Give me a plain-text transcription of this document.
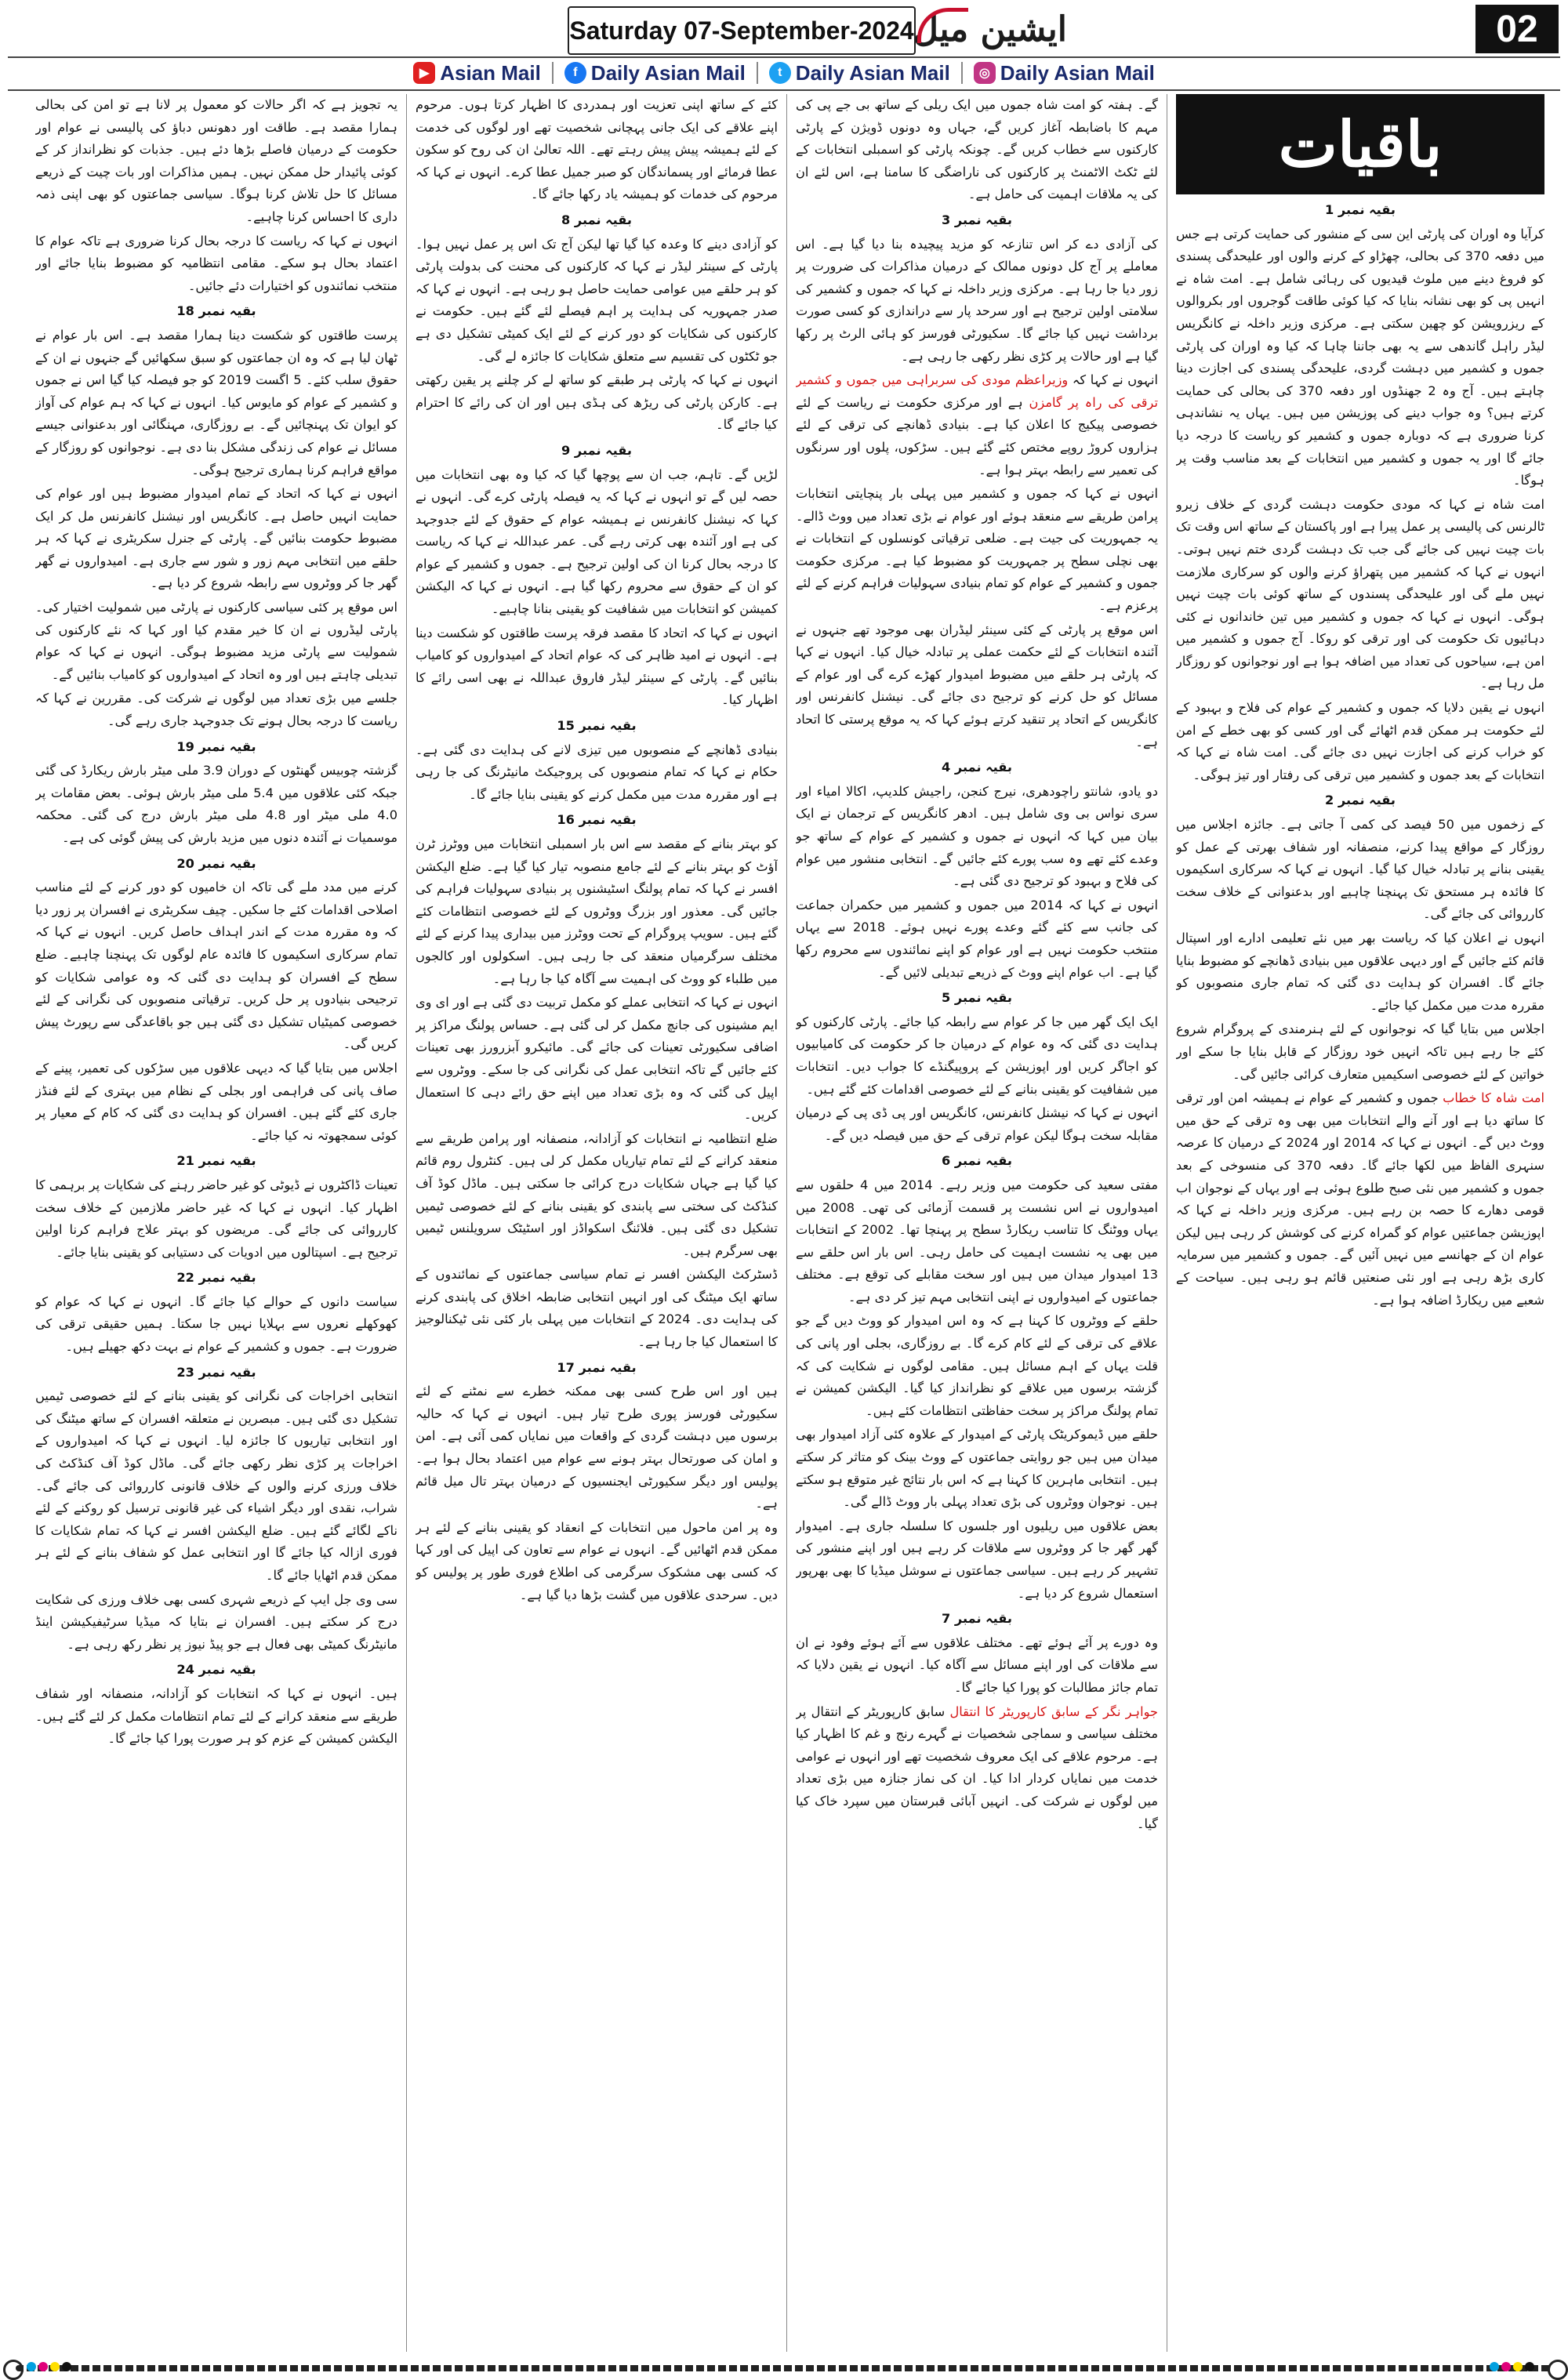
Saturday 07-September-2024 ایشین میل	02
▶ Asian Mail	f Daily Asian Mail	t Daily Asian Mail	◎ Daily Asian Mail
باقیات
بقیہ نمبر 1

کرآیا وہ اوران کی پارٹی این سی کے منشور کی حمایت کرتی ہے جس میں دفعہ 370 کی بحالی، چھڑاو کے کرنے والوں اور علیحدگی پسندی کو فروغ دینے میں ملوث قیدیوں کی رہائی شامل ہے۔ امت شاہ نے انہیں پی کو بھی نشانہ بنایا کہ کیا کوئی طاقت گوجروں اور بکروالوں کے ریزرویشن کو چھین سکتی ہے۔ مرکزی وزیر داخلہ نے کانگریس لیڈر راہل گاندھی سے یہ بھی جاننا چاہا کہ کیا وہ اوران کی پارٹی جموں و کشمیر میں دہشت گردی، علیحدگی پسندی کی اجازت دینا چاہتے ہیں۔ آج وہ 2 جھنڈوں اور دفعہ 370 کی بحالی کی حمایت کرتے ہیں؟ وہ جواب دینے کی پوزیشن میں ہیں۔ یہاں یہ نشاندہی کرنا ضروری ہے کہ دوبارہ جموں و کشمیر کو ریاست کا درجہ دیا جائے گا اور یہ جموں و کشمیر میں انتخابات کے بعد مناسب وقت پر ہوگا۔

امت شاہ نے کہا کہ مودی حکومت دہشت گردی کے خلاف زیرو ٹالرنس کی پالیسی پر عمل پیرا ہے اور پاکستان کے ساتھ اس وقت تک بات چیت نہیں کی جائے گی جب تک دہشت گردی ختم نہیں ہوتی۔ انہوں نے کہا کہ کشمیر میں پتھراؤ کرنے والوں کو سرکاری ملازمت نہیں ملے گی اور علیحدگی پسندوں کے ساتھ کوئی بات چیت نہیں ہوگی۔ انہوں نے کہا کہ جموں و کشمیر میں تین خاندانوں نے کئی دہائیوں تک حکومت کی اور ترقی کو روکا۔ آج جموں و کشمیر میں امن ہے، سیاحوں کی تعداد میں اضافہ ہوا ہے اور نوجوانوں کو روزگار مل رہا ہے۔

انہوں نے یقین دلایا کہ جموں و کشمیر کے عوام کی فلاح و بہبود کے لئے حکومت ہر ممکن قدم اٹھائے گی اور کسی کو بھی خطے کے امن کو خراب کرنے کی اجازت نہیں دی جائے گی۔ امت شاہ نے کہا کہ انتخابات کے بعد جموں و کشمیر میں ترقی کی رفتار اور تیز ہوگی۔

بقیہ نمبر 2

کے زخموں میں 50 فیصد کی کمی آ جاتی ہے۔ جائزہ اجلاس میں روزگار کے مواقع پیدا کرنے، منصفانہ اور شفاف بھرتی کے عمل کو یقینی بنانے پر تبادلہ خیال کیا گیا۔ انہوں نے کہا کہ سرکاری اسکیموں کا فائدہ ہر مستحق تک پہنچنا چاہیے اور بدعنوانی کے خلاف سخت کارروائی کی جائے گی۔

انہوں نے اعلان کیا کہ ریاست بھر میں نئے تعلیمی ادارے اور اسپتال قائم کئے جائیں گے اور دیہی علاقوں میں بنیادی ڈھانچے کو مضبوط بنایا جائے گا۔ افسران کو ہدایت دی گئی کہ تمام جاری منصوبوں کو مقررہ مدت میں مکمل کیا جائے۔

اجلاس میں بتایا گیا کہ نوجوانوں کے لئے ہنرمندی کے پروگرام شروع کئے جا رہے ہیں تاکہ انہیں خود روزگار کے قابل بنایا جا سکے اور خواتین کے لئے خصوصی اسکیمیں متعارف کرائی جائیں گی۔

امت شاہ کا خطاب جموں و کشمیر کے عوام نے ہمیشہ امن اور ترقی کا ساتھ دیا ہے اور آنے والے انتخابات میں بھی وہ ترقی کے حق میں ووٹ دیں گے۔ انہوں نے کہا کہ 2014 اور 2024 کے درمیان کا عرصہ سنہری الفاظ میں لکھا جائے گا۔ دفعہ 370 کی منسوخی کے بعد جموں و کشمیر میں نئی صبح طلوع ہوئی ہے اور یہاں کے نوجوان اب قومی دھارے کا حصہ بن رہے ہیں۔ مرکزی وزیر داخلہ نے کہا کہ اپوزیشن جماعتیں عوام کو گمراہ کرنے کی کوشش کر رہی ہیں لیکن عوام ان کے جھانسے میں نہیں آئیں گے۔ جموں و کشمیر میں سرمایہ کاری بڑھ رہی ہے اور نئی صنعتیں قائم ہو رہی ہیں۔ سیاحت کے شعبے میں ریکارڈ اضافہ ہوا ہے۔

گے۔ ہفتہ کو امت شاہ جموں میں ایک ریلی کے ساتھ بی جے پی کی مہم کا باضابطہ آغاز کریں گے، جہاں وہ دونوں ڈویژن کے پارٹی کارکنوں سے خطاب کریں گے۔ چونکہ پارٹی کو اسمبلی انتخابات کے لئے ٹکٹ الاٹمنٹ پر کارکنوں کی ناراضگی کا سامنا ہے، اس لئے ان کی یہ ملاقات اہمیت کی حامل ہے۔

بقیہ نمبر 3

کی آزادی دے کر اس تنازعہ کو مزید پیچیدہ بنا دیا گیا ہے۔ اس معاملے پر آج کل دونوں ممالک کے درمیان مذاکرات کی ضرورت پر زور دیا جا رہا ہے۔ مرکزی وزیر داخلہ نے کہا کہ جموں و کشمیر کی سلامتی اولین ترجیح ہے اور سرحد پار سے دراندازی کو کسی صورت برداشت نہیں کیا جائے گا۔ سکیورٹی فورسز کو ہائی الرٹ پر رکھا گیا ہے اور حالات پر کڑی نظر رکھی جا رہی ہے۔

انہوں نے کہا کہ وزیراعظم مودی کی سربراہی میں جموں و کشمیر ترقی کی راہ پر گامزن ہے اور مرکزی حکومت نے ریاست کے لئے خصوصی پیکیج کا اعلان کیا ہے۔ بنیادی ڈھانچے کی ترقی کے لئے ہزاروں کروڑ روپے مختص کئے گئے ہیں۔ سڑکوں، پلوں اور سرنگوں کی تعمیر سے رابطہ بہتر ہوا ہے۔

انہوں نے کہا کہ جموں و کشمیر میں پہلی بار پنچایتی انتخابات پرامن طریقے سے منعقد ہوئے اور عوام نے بڑی تعداد میں ووٹ ڈالے۔ یہ جمہوریت کی جیت ہے۔ ضلعی ترقیاتی کونسلوں کے انتخابات نے بھی نچلی سطح پر جمہوریت کو مضبوط کیا ہے۔ مرکزی حکومت جموں و کشمیر کے عوام کو تمام بنیادی سہولیات فراہم کرنے کے لئے پرعزم ہے۔

اس موقع پر پارٹی کے کئی سینئر لیڈران بھی موجود تھے جنہوں نے آئندہ انتخابات کے لئے حکمت عملی پر تبادلہ خیال کیا۔ انہوں نے کہا کہ پارٹی ہر حلقے میں مضبوط امیدوار کھڑے کرے گی اور عوام کے مسائل کو حل کرنے کو ترجیح دی جائے گی۔ نیشنل کانفرنس اور کانگریس کے اتحاد پر تنقید کرتے ہوئے کہا کہ یہ موقع پرستی کا اتحاد ہے۔

بقیہ نمبر 4

دو یادو، شانتو راچودھری، نیرج کنجن، راجیش کلدیپ، اکالا امیاء اور سری نواس بی وی شامل ہیں۔ ادھر کانگریس کے ترجمان نے ایک بیان میں کہا کہ انہوں نے جموں و کشمیر کے عوام کے ساتھ جو وعدے کئے تھے وہ سب پورے کئے جائیں گے۔ انتخابی منشور میں عوام کی فلاح و بہبود کو ترجیح دی گئی ہے۔

انہوں نے کہا کہ 2014 میں جموں و کشمیر میں حکمران جماعت کی جانب سے کئے گئے وعدے پورے نہیں ہوئے۔ 2018 سے یہاں منتخب حکومت نہیں ہے اور عوام کو اپنے نمائندوں سے محروم رکھا گیا ہے۔ اب عوام اپنے ووٹ کے ذریعے تبدیلی لائیں گے۔

بقیہ نمبر 5

ایک ایک گھر میں جا کر عوام سے رابطہ کیا جائے۔ پارٹی کارکنوں کو ہدایت دی گئی کہ وہ عوام کے درمیان جا کر حکومت کی کامیابیوں کو اجاگر کریں اور اپوزیشن کے پروپیگنڈے کا جواب دیں۔ انتخابات میں شفافیت کو یقینی بنانے کے لئے خصوصی اقدامات کئے گئے ہیں۔

انہوں نے کہا کہ نیشنل کانفرنس، کانگریس اور پی ڈی پی کے درمیان مقابلہ سخت ہوگا لیکن عوام ترقی کے حق میں فیصلہ دیں گے۔

بقیہ نمبر 6

مفتی سعید کی حکومت میں وزیر رہے۔ 2014 میں 4 حلقوں سے امیدواروں نے اس نشست پر قسمت آزمائی کی تھی۔ 2008 میں یہاں ووٹنگ کا تناسب ریکارڈ سطح پر پہنچا تھا۔ 2002 کے انتخابات میں بھی یہ نشست اہمیت کی حامل رہی۔ اس بار اس حلقے سے 13 امیدوار میدان میں ہیں اور سخت مقابلے کی توقع ہے۔ مختلف جماعتوں کے امیدواروں نے اپنی انتخابی مہم تیز کر دی ہے۔

حلقے کے ووٹروں کا کہنا ہے کہ وہ اس امیدوار کو ووٹ دیں گے جو علاقے کی ترقی کے لئے کام کرے گا۔ بے روزگاری، بجلی اور پانی کی قلت یہاں کے اہم مسائل ہیں۔ مقامی لوگوں نے شکایت کی کہ گزشتہ برسوں میں علاقے کو نظرانداز کیا گیا۔ الیکشن کمیشن نے تمام پولنگ مراکز پر سخت حفاظتی انتظامات کئے ہیں۔

حلقے میں ڈیموکریٹک پارٹی کے امیدوار کے علاوہ کئی آزاد امیدوار بھی میدان میں ہیں جو روایتی جماعتوں کے ووٹ بینک کو متاثر کر سکتے ہیں۔ انتخابی ماہرین کا کہنا ہے کہ اس بار نتائج غیر متوقع ہو سکتے ہیں۔ نوجوان ووٹروں کی بڑی تعداد پہلی بار ووٹ ڈالے گی۔

بعض علاقوں میں ریلیوں اور جلسوں کا سلسلہ جاری ہے۔ امیدوار گھر گھر جا کر ووٹروں سے ملاقات کر رہے ہیں اور اپنے منشور کی تشہیر کر رہے ہیں۔ سیاسی جماعتوں نے سوشل میڈیا کا بھی بھرپور استعمال شروع کر دیا ہے۔

بقیہ نمبر 7

وہ دورے پر آئے ہوئے تھے۔ مختلف علاقوں سے آئے ہوئے وفود نے ان سے ملاقات کی اور اپنے مسائل سے آگاہ کیا۔ انہوں نے یقین دلایا کہ تمام جائز مطالبات کو پورا کیا جائے گا۔

جواہر نگر کے سابق کارپوریٹر کا انتقال سابق کارپوریٹر کے انتقال پر مختلف سیاسی و سماجی شخصیات نے گہرے رنج و غم کا اظہار کیا ہے۔ مرحوم علاقے کی ایک معروف شخصیت تھے اور انہوں نے عوامی خدمت میں نمایاں کردار ادا کیا۔ ان کی نماز جنازہ میں بڑی تعداد میں لوگوں نے شرکت کی۔ انہیں آبائی قبرستان میں سپرد خاک کیا گیا۔

کئے کے ساتھ اپنی تعزیت اور ہمدردی کا اظہار کرتا ہوں۔ مرحوم اپنے علاقے کی ایک جانی پہچانی شخصیت تھے اور لوگوں کی خدمت کے لئے ہمیشہ پیش پیش رہتے تھے۔ اللہ تعالیٰ ان کی روح کو سکون عطا فرمائے اور پسماندگان کو صبر جمیل عطا کرے۔ انہوں نے کہا کہ مرحوم کی خدمات کو ہمیشہ یاد رکھا جائے گا۔

بقیہ نمبر 8

کو آزادی دینے کا وعدہ کیا گیا تھا لیکن آج تک اس پر عمل نہیں ہوا۔ پارٹی کے سینئر لیڈر نے کہا کہ کارکنوں کی محنت کی بدولت پارٹی کو ہر حلقے میں عوامی حمایت حاصل ہو رہی ہے۔ انہوں نے کہا کہ صدر جمہوریہ کی ہدایت پر اہم فیصلے لئے گئے ہیں۔ حکومت نے کارکنوں کی شکایات کو دور کرنے کے لئے ایک کمیٹی تشکیل دی ہے جو ٹکٹوں کی تقسیم سے متعلق شکایات کا جائزہ لے گی۔

انہوں نے کہا کہ پارٹی ہر طبقے کو ساتھ لے کر چلنے پر یقین رکھتی ہے۔ کارکن پارٹی کی ریڑھ کی ہڈی ہیں اور ان کی رائے کا احترام کیا جائے گا۔

بقیہ نمبر 9

لڑیں گے۔ تاہم، جب ان سے پوچھا گیا کہ کیا وہ بھی انتخابات میں حصہ لیں گے تو انہوں نے کہا کہ یہ فیصلہ پارٹی کرے گی۔ انہوں نے کہا کہ نیشنل کانفرنس نے ہمیشہ عوام کے حقوق کے لئے جدوجہد کی ہے اور آئندہ بھی کرتی رہے گی۔ عمر عبداللہ نے کہا کہ ریاست کا درجہ بحال کرنا ان کی اولین ترجیح ہے۔ جموں و کشمیر کے عوام کو ان کے حقوق سے محروم رکھا گیا ہے۔ انہوں نے کہا کہ الیکشن کمیشن کو انتخابات میں شفافیت کو یقینی بنانا چاہیے۔

انہوں نے کہا کہ اتحاد کا مقصد فرقہ پرست طاقتوں کو شکست دینا ہے۔ انہوں نے امید ظاہر کی کہ عوام اتحاد کے امیدواروں کو کامیاب بنائیں گے۔ پارٹی کے سینئر لیڈر فاروق عبداللہ نے بھی اسی رائے کا اظہار کیا۔

بقیہ نمبر 15

بنیادی ڈھانچے کے منصوبوں میں تیزی لانے کی ہدایت دی گئی ہے۔ حکام نے کہا کہ تمام منصوبوں کی پروجیکٹ مانیٹرنگ کی جا رہی ہے اور مقررہ مدت میں مکمل کرنے کو یقینی بنایا جائے گا۔

بقیہ نمبر 16

کو بہتر بنانے کے مقصد سے اس بار اسمبلی انتخابات میں ووٹرز ٹرن آؤٹ کو بہتر بنانے کے لئے جامع منصوبہ تیار کیا گیا ہے۔ ضلع الیکشن افسر نے کہا کہ تمام پولنگ اسٹیشنوں پر بنیادی سہولیات فراہم کی جائیں گی۔ معذور اور بزرگ ووٹروں کے لئے خصوصی انتظامات کئے گئے ہیں۔ سویپ پروگرام کے تحت ووٹرز میں بیداری پیدا کرنے کے لئے مختلف سرگرمیاں منعقد کی جا رہی ہیں۔ اسکولوں اور کالجوں میں طلباء کو ووٹ کی اہمیت سے آگاہ کیا جا رہا ہے۔

انہوں نے کہا کہ انتخابی عملے کو مکمل تربیت دی گئی ہے اور ای وی ایم مشینوں کی جانچ مکمل کر لی گئی ہے۔ حساس پولنگ مراکز پر اضافی سکیورٹی تعینات کی جائے گی۔ مائیکرو آبزرورز بھی تعینات کئے جائیں گے تاکہ انتخابی عمل کی نگرانی کی جا سکے۔ ووٹروں سے اپیل کی گئی کہ وہ بڑی تعداد میں اپنے حق رائے دہی کا استعمال کریں۔

ضلع انتظامیہ نے انتخابات کو آزادانہ، منصفانہ اور پرامن طریقے سے منعقد کرانے کے لئے تمام تیاریاں مکمل کر لی ہیں۔ کنٹرول روم قائم کیا گیا ہے جہاں شکایات درج کرائی جا سکتی ہیں۔ ماڈل کوڈ آف کنڈکٹ کی سختی سے پابندی کو یقینی بنانے کے لئے خصوصی ٹیمیں تشکیل دی گئی ہیں۔ فلائنگ اسکواڈز اور اسٹیٹک سرویلنس ٹیمیں بھی سرگرم ہیں۔

ڈسٹرکٹ الیکشن افسر نے تمام سیاسی جماعتوں کے نمائندوں کے ساتھ ایک میٹنگ کی اور انہیں انتخابی ضابطہ اخلاق کی پابندی کرنے کی ہدایت دی۔ 2024 کے انتخابات میں پہلی بار کئی نئی ٹیکنالوجیز کا استعمال کیا جا رہا ہے۔

بقیہ نمبر 17

ہیں اور اس طرح کسی بھی ممکنہ خطرے سے نمٹنے کے لئے سکیورٹی فورسز پوری طرح تیار ہیں۔ انہوں نے کہا کہ حالیہ برسوں میں دہشت گردی کے واقعات میں نمایاں کمی آئی ہے۔ امن و امان کی صورتحال بہتر ہونے سے عوام میں اعتماد بحال ہوا ہے۔ پولیس اور دیگر سکیورٹی ایجنسیوں کے درمیان بہتر تال میل قائم ہے۔

وہ پر امن ماحول میں انتخابات کے انعقاد کو یقینی بنانے کے لئے ہر ممکن قدم اٹھائیں گے۔ انہوں نے عوام سے تعاون کی اپیل کی اور کہا کہ کسی بھی مشکوک سرگرمی کی اطلاع فوری طور پر پولیس کو دیں۔ سرحدی علاقوں میں گشت بڑھا دیا گیا ہے۔

یہ تجویز ہے کہ اگر حالات کو معمول پر لانا ہے تو امن کی بحالی ہمارا مقصد ہے۔ طاقت اور دھونس دباؤ کی پالیسی نے عوام اور حکومت کے درمیان فاصلے بڑھا دئے ہیں۔ جذبات کو نظرانداز کر کے کوئی پائیدار حل ممکن نہیں۔ ہمیں مذاکرات اور بات چیت کے ذریعے مسائل کا حل تلاش کرنا ہوگا۔ سیاسی جماعتوں کو بھی اپنی ذمہ داری کا احساس کرنا چاہیے۔

انہوں نے کہا کہ ریاست کا درجہ بحال کرنا ضروری ہے تاکہ عوام کا اعتماد بحال ہو سکے۔ مقامی انتظامیہ کو مضبوط بنایا جائے اور منتخب نمائندوں کو اختیارات دئے جائیں۔

بقیہ نمبر 18

پرست طاقتوں کو شکست دینا ہمارا مقصد ہے۔ اس بار عوام نے ٹھان لیا ہے کہ وہ ان جماعتوں کو سبق سکھائیں گے جنہوں نے ان کے حقوق سلب کئے۔ 5 اگست 2019 کو جو فیصلہ کیا گیا اس نے جموں و کشمیر کے عوام کو مایوس کیا۔ انہوں نے کہا کہ ہم عوام کی آواز کو ایوان تک پہنچائیں گے۔ بے روزگاری، مہنگائی اور بدعنوانی جیسے مسائل نے عوام کی زندگی مشکل بنا دی ہے۔ نوجوانوں کو روزگار کے مواقع فراہم کرنا ہماری ترجیح ہوگی۔

انہوں نے کہا کہ اتحاد کے تمام امیدوار مضبوط ہیں اور عوام کی حمایت انہیں حاصل ہے۔ کانگریس اور نیشنل کانفرنس مل کر ایک مضبوط حکومت بنائیں گے۔ پارٹی کے جنرل سکریٹری نے کہا کہ ہر حلقے میں انتخابی مہم زور و شور سے جاری ہے۔ امیدواروں نے گھر گھر جا کر ووٹروں سے رابطہ شروع کر دیا ہے۔

اس موقع پر کئی سیاسی کارکنوں نے پارٹی میں شمولیت اختیار کی۔ پارٹی لیڈروں نے ان کا خیر مقدم کیا اور کہا کہ نئے کارکنوں کی شمولیت سے پارٹی مزید مضبوط ہوگی۔ انہوں نے کہا کہ عوام تبدیلی چاہتے ہیں اور وہ اتحاد کے امیدواروں کو کامیاب بنائیں گے۔

جلسے میں بڑی تعداد میں لوگوں نے شرکت کی۔ مقررین نے کہا کہ ریاست کا درجہ بحال ہونے تک جدوجہد جاری رہے گی۔

بقیہ نمبر 19

گزشتہ چوبیس گھنٹوں کے دوران 3.9 ملی میٹر بارش ریکارڈ کی گئی جبکہ کئی علاقوں میں 5.4 ملی میٹر بارش ہوئی۔ بعض مقامات پر 4.0 ملی میٹر اور 4.8 ملی میٹر بارش درج کی گئی۔ محکمہ موسمیات نے آئندہ دنوں میں مزید بارش کی پیش گوئی کی ہے۔

بقیہ نمبر 20

کرنے میں مدد ملے گی تاکہ ان خامیوں کو دور کرنے کے لئے مناسب اصلاحی اقدامات کئے جا سکیں۔ چیف سکریٹری نے افسران پر زور دیا کہ وہ مقررہ مدت کے اندر اہداف حاصل کریں۔ انہوں نے کہا کہ تمام سرکاری اسکیموں کا فائدہ عام لوگوں تک پہنچنا چاہیے۔ ضلع سطح کے افسران کو ہدایت دی گئی کہ وہ عوامی شکایات کو ترجیحی بنیادوں پر حل کریں۔ ترقیاتی منصوبوں کی نگرانی کے لئے خصوصی کمیٹیاں تشکیل دی گئی ہیں جو باقاعدگی سے رپورٹ پیش کریں گی۔

اجلاس میں بتایا گیا کہ دیہی علاقوں میں سڑکوں کی تعمیر، پینے کے صاف پانی کی فراہمی اور بجلی کے نظام میں بہتری کے لئے فنڈز جاری کئے گئے ہیں۔ افسران کو ہدایت دی گئی کہ کام کے معیار پر کوئی سمجھوتہ نہ کیا جائے۔

بقیہ نمبر 21

تعینات ڈاکٹروں نے ڈیوٹی کو غیر حاضر رہنے کی شکایات پر برہمی کا اظہار کیا۔ انہوں نے کہا کہ غیر حاضر ملازمین کے خلاف سخت کارروائی کی جائے گی۔ مریضوں کو بہتر علاج فراہم کرنا اولین ترجیح ہے۔ اسپتالوں میں ادویات کی دستیابی کو یقینی بنایا جائے۔

بقیہ نمبر 22

سیاست دانوں کے حوالے کیا جائے گا۔ انہوں نے کہا کہ عوام کو کھوکھلے نعروں سے بہلایا نہیں جا سکتا۔ ہمیں حقیقی ترقی کی ضرورت ہے۔ جموں و کشمیر کے عوام نے بہت دکھ جھیلے ہیں۔

بقیہ نمبر 23

انتخابی اخراجات کی نگرانی کو یقینی بنانے کے لئے خصوصی ٹیمیں تشکیل دی گئی ہیں۔ مبصرین نے متعلقہ افسران کے ساتھ میٹنگ کی اور انتخابی تیاریوں کا جائزہ لیا۔ انہوں نے کہا کہ امیدواروں کے اخراجات پر کڑی نظر رکھی جائے گی۔ ماڈل کوڈ آف کنڈکٹ کی خلاف ورزی کرنے والوں کے خلاف قانونی کارروائی کی جائے گی۔ شراب، نقدی اور دیگر اشیاء کی غیر قانونی ترسیل کو روکنے کے لئے ناکے لگائے گئے ہیں۔ ضلع الیکشن افسر نے کہا کہ تمام شکایات کا فوری ازالہ کیا جائے گا اور انتخابی عمل کو شفاف بنانے کے لئے ہر ممکن قدم اٹھایا جائے گا۔

سی وی جل ایپ کے ذریعے شہری کسی بھی خلاف ورزی کی شکایت درج کر سکتے ہیں۔ افسران نے بتایا کہ میڈیا سرٹیفیکیشن اینڈ مانیٹرنگ کمیٹی بھی فعال ہے جو پیڈ نیوز پر نظر رکھ رہی ہے۔

بقیہ نمبر 24

ہیں۔ انہوں نے کہا کہ انتخابات کو آزادانہ، منصفانہ اور شفاف طریقے سے منعقد کرانے کے لئے تمام انتظامات مکمل کر لئے گئے ہیں۔ الیکشن کمیشن کے عزم کو ہر صورت پورا کیا جائے گا۔
